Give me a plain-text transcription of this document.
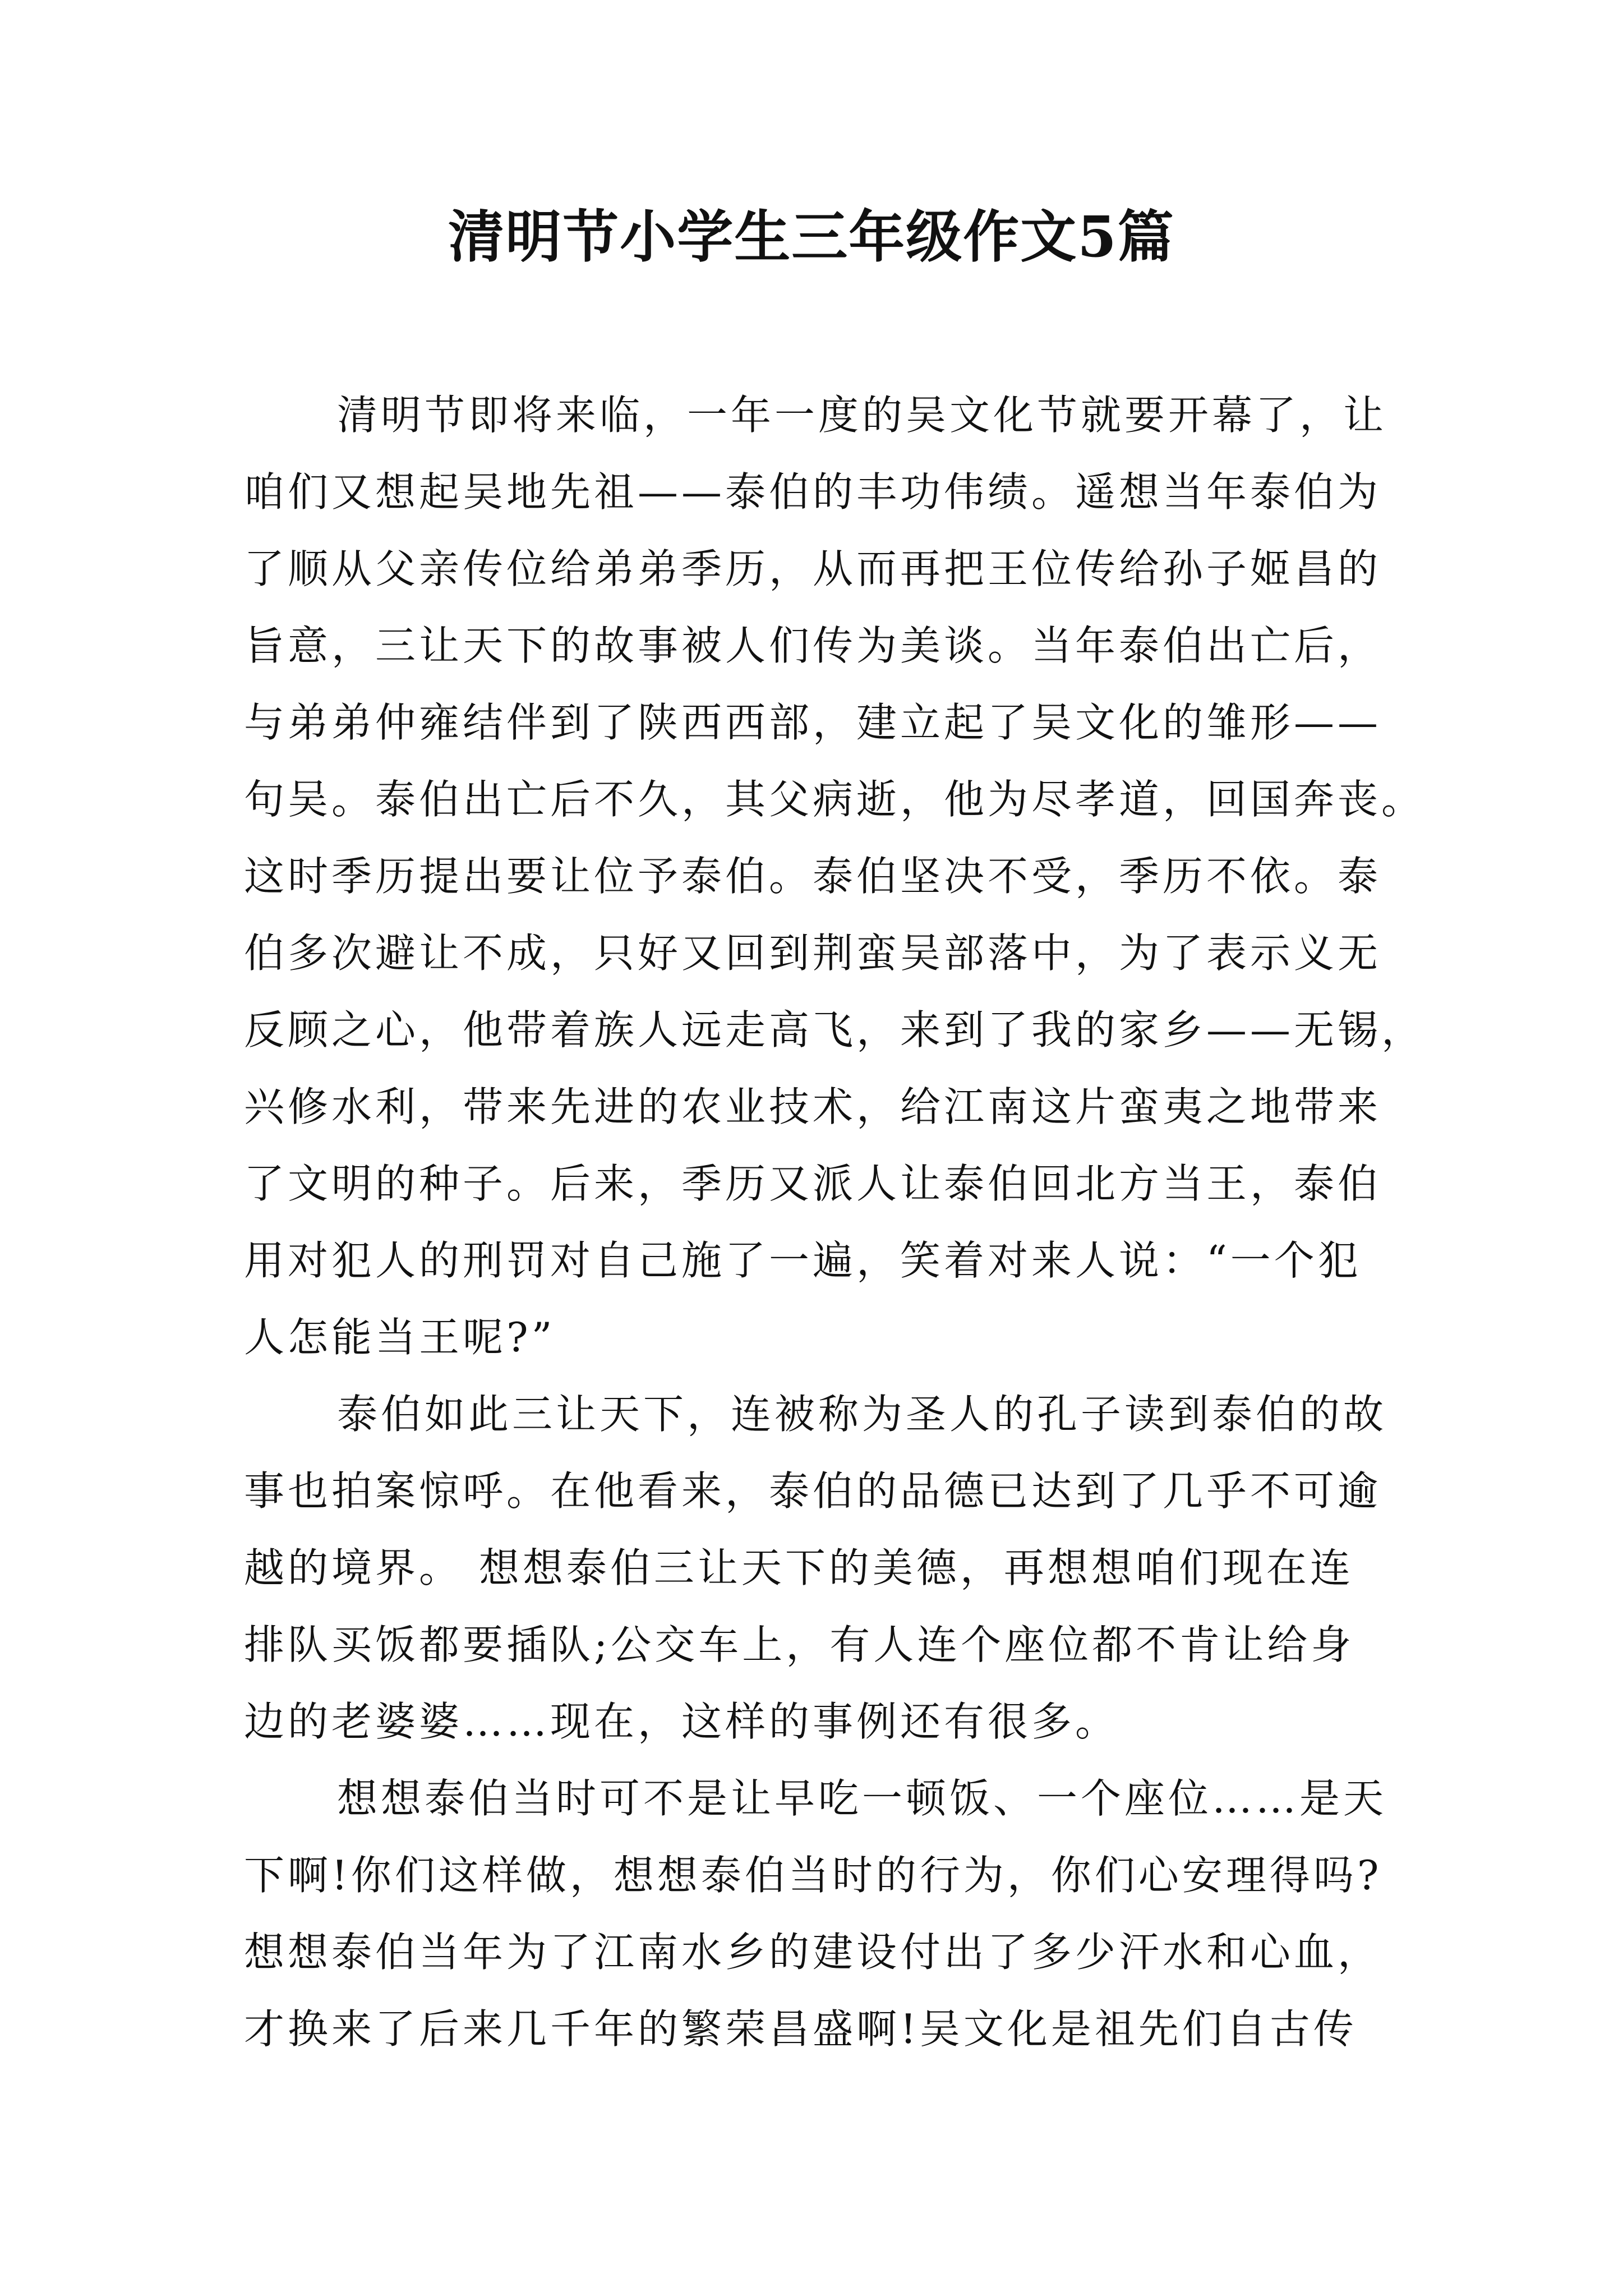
清明节小学生三年级作文5篇
清明节即将来临，一年一度的吴文化节就要开幕了，让
咱们又想起吴地先祖——泰伯的丰功伟绩。遥想当年泰伯为
了顺从父亲传位给弟弟季历，从而再把王位传给孙子姬昌的
旨意，三让天下的故事被人们传为美谈。当年泰伯出亡后，
与弟弟仲雍结伴到了陕西西部，建立起了吴文化的雏形——
句吴。泰伯出亡后不久，其父病逝，他为尽孝道，回国奔丧。
这时季历提出要让位予泰伯。泰伯坚决不受，季历不依。泰
伯多次避让不成，只好又回到荆蛮吴部落中，为了表示义无
反顾之心，他带着族人远走高飞，来到了我的家乡——无锡，
兴修水利，带来先进的农业技术，给江南这片蛮夷之地带来
了文明的种子。后来，季历又派人让泰伯回北方当王，泰伯
用对犯人的刑罚对自己施了一遍，笑着对来人说：“一个犯
人怎能当王呢?”
泰伯如此三让天下，连被称为圣人的孔子读到泰伯的故
事也拍案惊呼。在他看来，泰伯的品德已达到了几乎不可逾
越的境界。 想想泰伯三让天下的美德，再想想咱们现在连
排队买饭都要插队;公交车上，有人连个座位都不肯让给身
边的老婆婆……现在，这样的事例还有很多。
想想泰伯当时可不是让早吃一顿饭、一个座位……是天
下啊!你们这样做，想想泰伯当时的行为，你们心安理得吗?
想想泰伯当年为了江南水乡的建设付出了多少汗水和心血，
才换来了后来几千年的繁荣昌盛啊!吴文化是祖先们自古传
